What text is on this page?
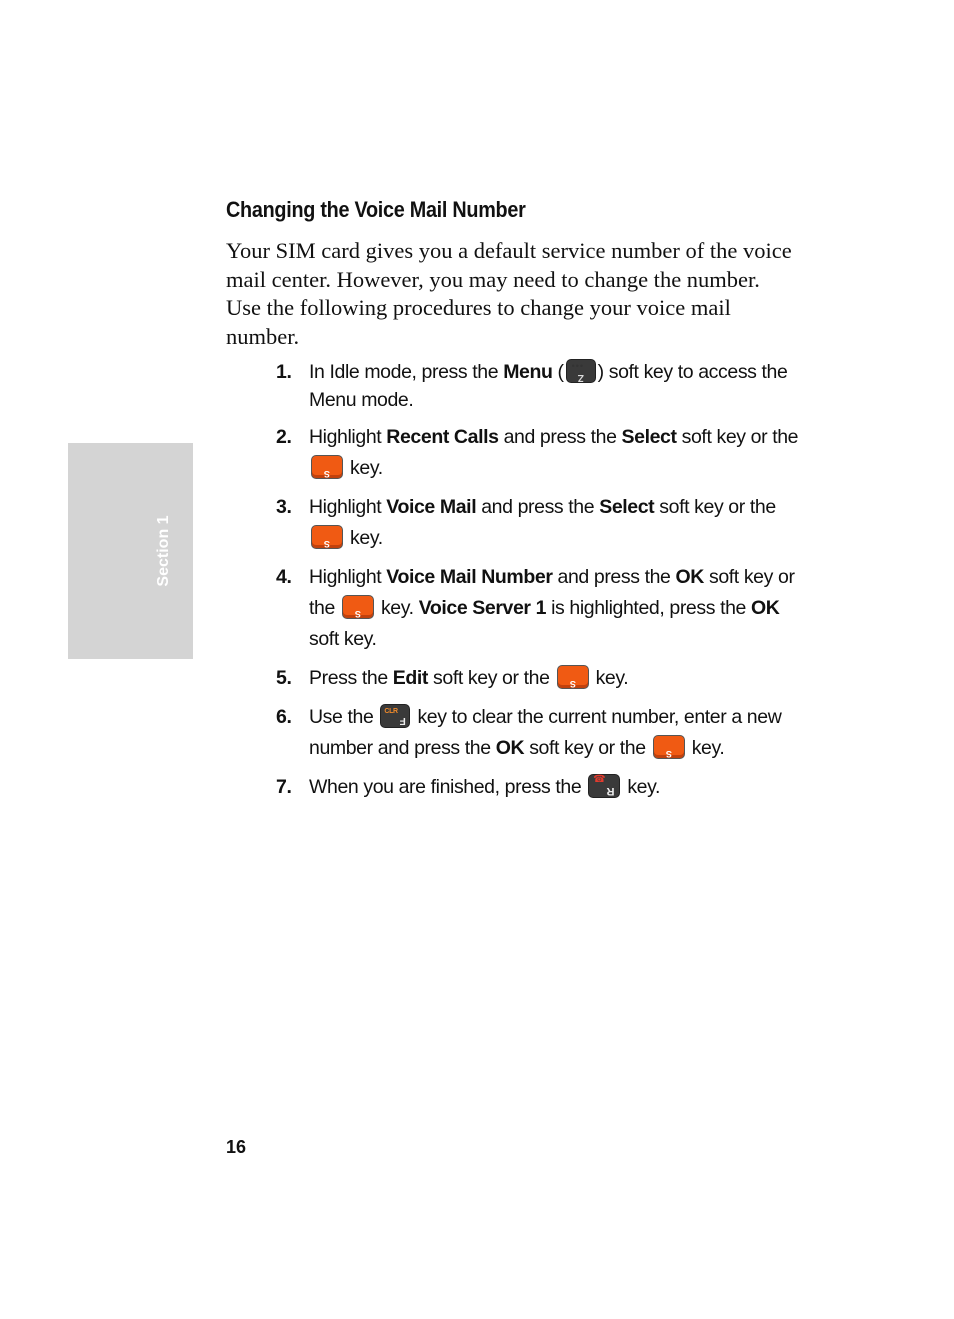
Section 1
Changing the Voice Mail Number

Your SIM card gives you a default service number of the voice mail center. However, you may need to change the number. Use the following procedures to change your voice mail number.

1. In Idle mode, press the Menu ( •••
Z ) soft key to access the Menu mode.
2. Highlight Recent Calls and press the Select soft key or the
S key.
3. Highlight Voice Mail and press the Select soft key or the
S key.
4. Highlight Voice Mail Number and press the OK soft key or the	S key. Voice Server 1 is highlighted, press the OK soft key.
5. Press the Edit soft key or the	S key.
6. Use the F
CLR key to clear the current number, enter a new number and press the OK soft key or the	S key.
7. When you are finished, press the R
☎ key.
16
